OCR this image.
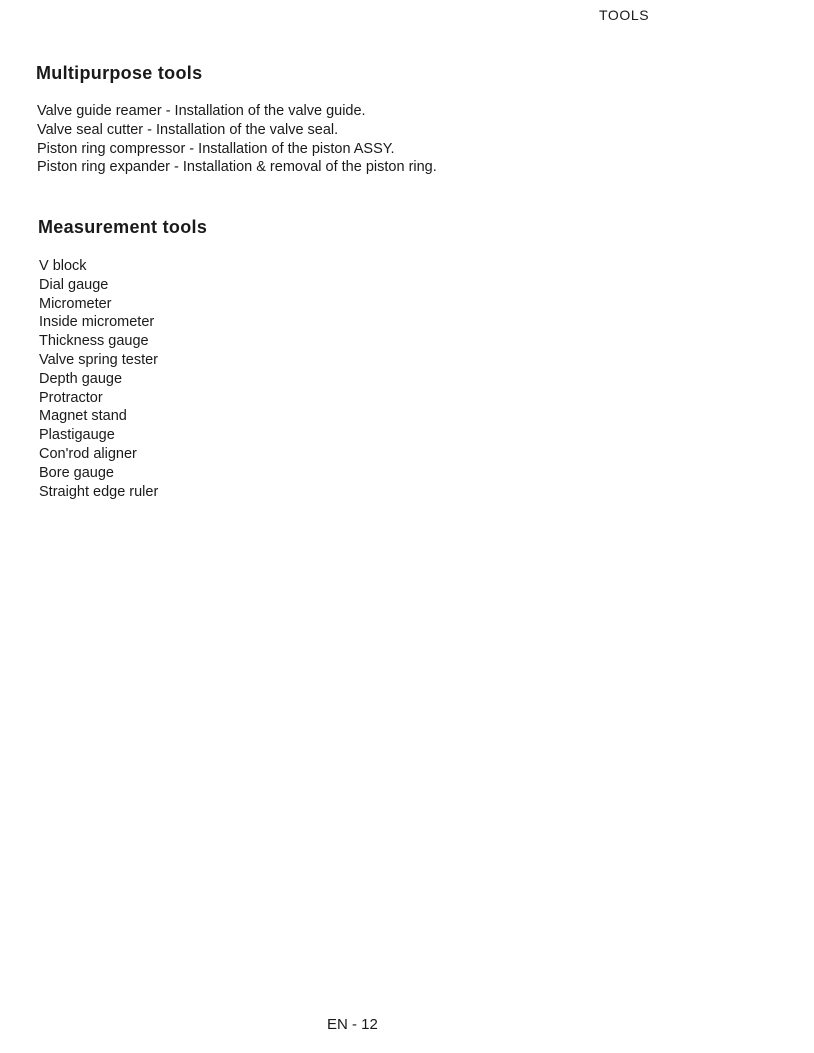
TOOLS
Multipurpose tools
Valve guide reamer - Installation of the valve guide.
Valve seal cutter - Installation of the valve seal.
Piston ring compressor - Installation of the piston ASSY.
Piston ring expander - Installation & removal of the piston ring.
Measurement tools
V block
Dial gauge
Micrometer
Inside micrometer
Thickness gauge
Valve spring tester
Depth gauge
Protractor
Magnet stand
Plastigauge
Con'rod aligner
Bore gauge
Straight edge ruler
EN - 12
